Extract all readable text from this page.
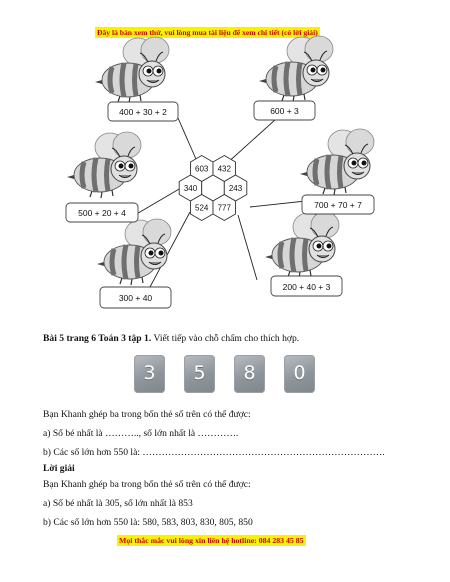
Đây là bản xem thử, vui lòng mua tài liệu để xem chi tiết (có lời giải)
400 + 30 + 2	600 + 3
500 + 20 + 4
700 + 70 + 7
300 + 40
200 + 40 + 3
603 432
340	243
524 777
Bài 5 trang 6 Toán 3 tập 1. Viết tiếp vào chỗ chấm cho thích hợp.
3	5	8	0
Bạn Khanh ghép ba trong bốn thẻ số trên có thể được:
a) Số bé nhất là ……….., số lớn nhất là ………….
b) Các số lớn hơn 550 là: ………………………………………………………………….
Lời giải
Bạn Khanh ghép ba trong bốn thẻ số trên có thể được:
a) Số bé nhất là 305, số lớn nhất là 853
b) Các số lớn hơn 550 là: 580, 583, 803, 830, 805, 850
Mọi thắc mắc vui lòng xin liên hệ hotline: 084 283 45 85
